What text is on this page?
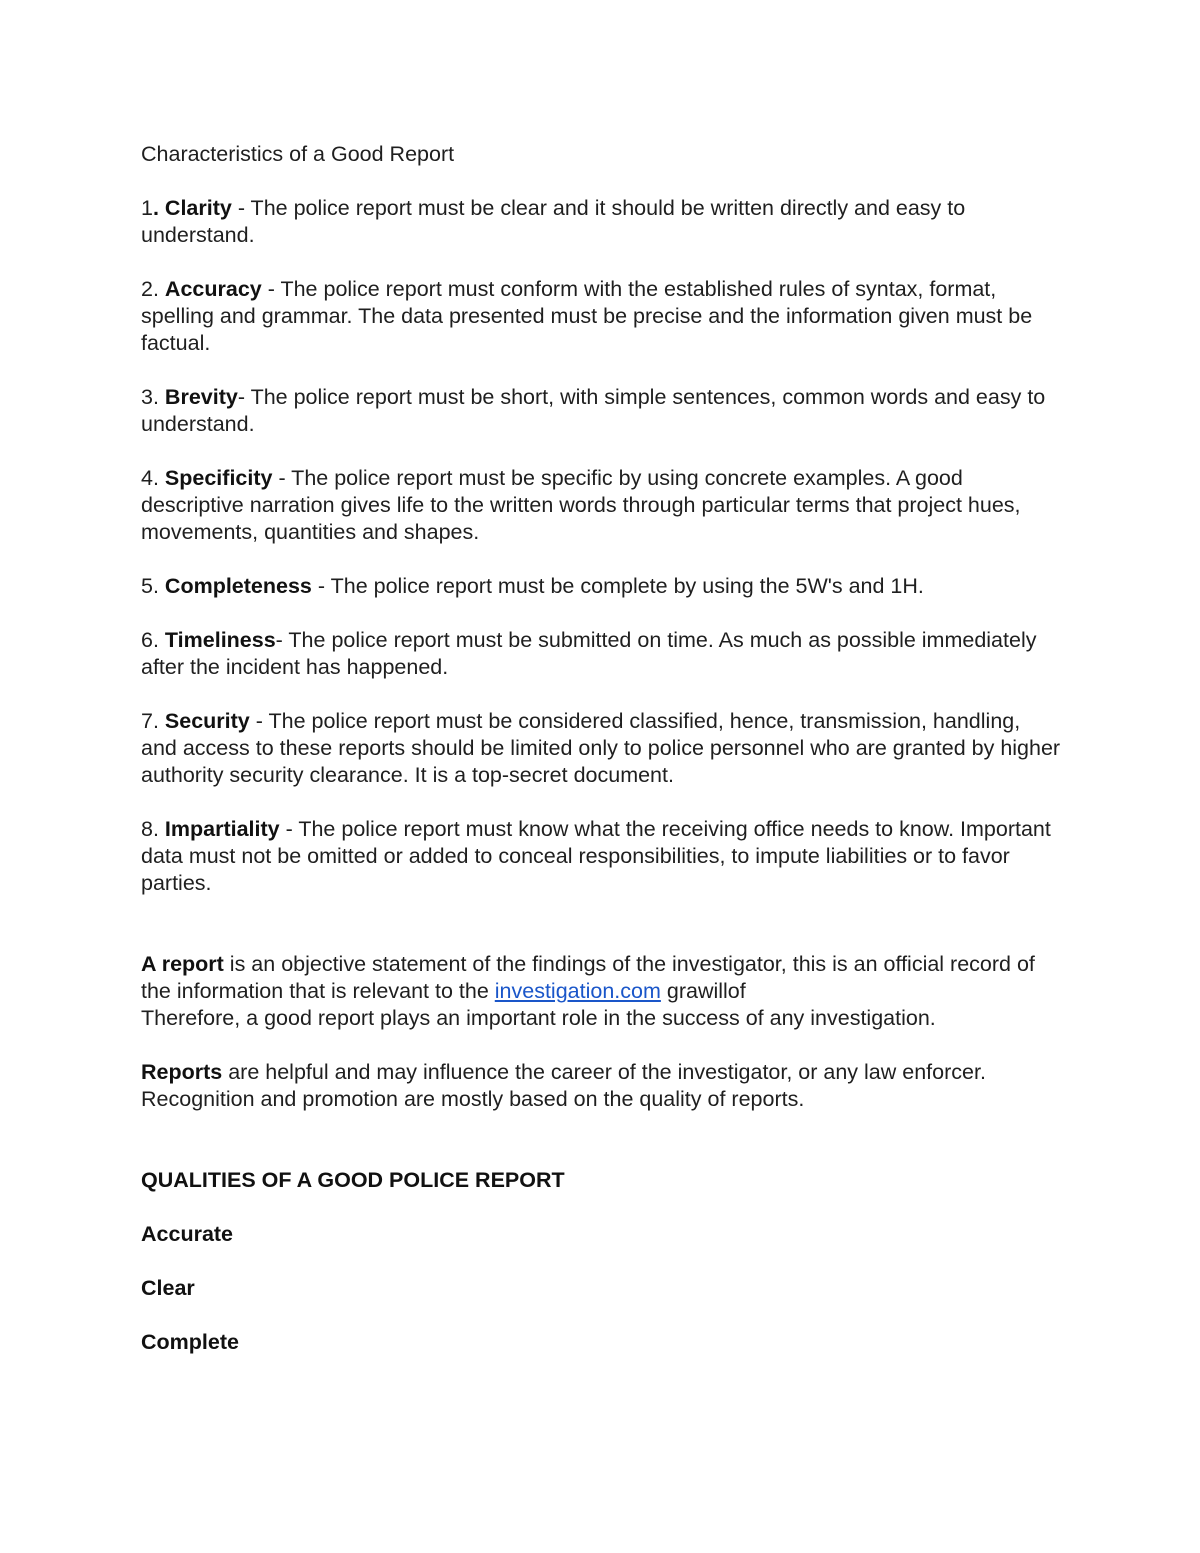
Characteristics of a Good Report
1. Clarity - The police report must be clear and it should be written directly and easy to understand.
2. Accuracy - The police report must conform with the established rules of syntax, format, spelling and grammar. The data presented must be precise and the information given must be factual.
3. Brevity- The police report must be short, with simple sentences, common words and easy to understand.
4. Specificity - The police report must be specific by using concrete examples. A good descriptive narration gives life to the written words through particular terms that project hues, movements, quantities and shapes.
5. Completeness - The police report must be complete by using the 5W's and 1H.
6. Timeliness- The police report must be submitted on time. As much as possible immediately after the incident has happened.
7. Security - The police report must be considered classified, hence, transmission, handling, and access to these reports should be limited only to police personnel who are granted by higher authority security clearance. It is a top-secret document.
8. Impartiality - The police report must know what the receiving office needs to know. Important data must not be omitted or added to conceal responsibilities, to impute liabilities or to favor parties.
A report is an objective statement of the findings of the investigator, this is an official record of the information that is relevant to the investigation.com grawillof
Therefore, a good report plays an important role in the success of any investigation.
Reports are helpful and may influence the career of the investigator, or any law enforcer. Recognition and promotion are mostly based on the quality of reports.
QUALITIES OF A GOOD POLICE REPORT
Accurate
Clear
Complete
